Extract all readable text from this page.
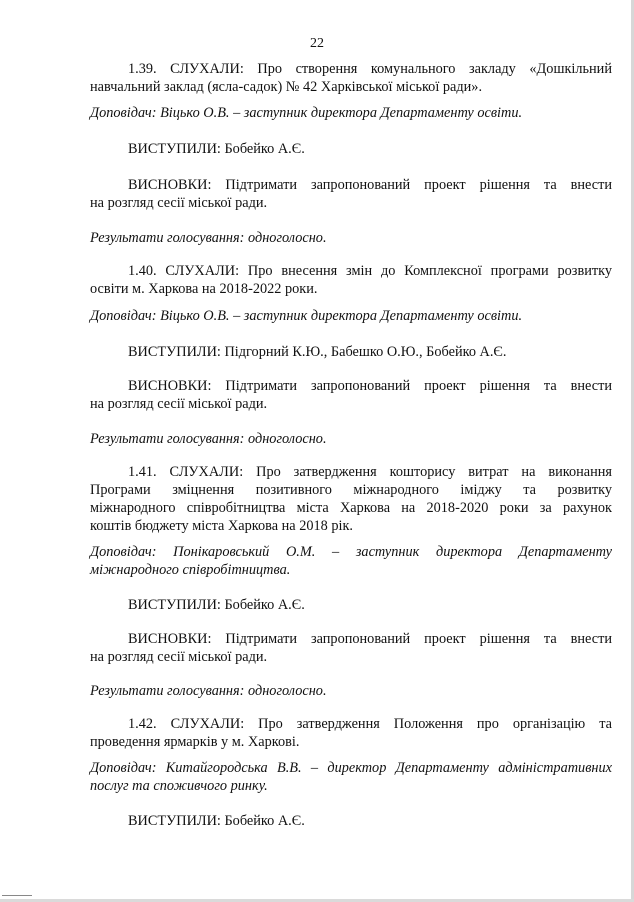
22
1.39. СЛУХАЛИ: Про створення комунального закладу «Дошкільний
навчальний заклад (ясла-садок) № 42 Харківської міської ради».
Доповідач: Віцько О.В. – заступник директора Департаменту освіти.
ВИСТУПИЛИ: Бобейко А.Є.
ВИСНОВКИ: Підтримати запропонований проект рішення та внести
на розгляд сесії міської ради.
Результати голосування: одноголосно.
1.40. СЛУХАЛИ: Про внесення змін до Комплексної програми розвитку
освіти м. Харкова на 2018-2022 роки.
Доповідач: Віцько О.В. – заступник директора Департаменту освіти.
ВИСТУПИЛИ: Підгорний К.Ю., Бабешко О.Ю., Бобейко А.Є.
ВИСНОВКИ: Підтримати запропонований проект рішення та внести
на розгляд сесії міської ради.
Результати голосування: одноголосно.
1.41. СЛУХАЛИ: Про затвердження кошторису витрат на виконання
Програми зміцнення позитивного міжнародного іміджу та розвитку
міжнародного співробітництва міста Харкова на 2018-2020 роки за рахунок
коштів бюджету міста Харкова на 2018 рік.
Доповідач: Понікаровський О.М. – заступник директора Департаменту
міжнародного співробітництва.
ВИСТУПИЛИ: Бобейко А.Є.
ВИСНОВКИ: Підтримати запропонований проект рішення та внести
на розгляд сесії міської ради.
Результати голосування: одноголосно.
1.42. СЛУХАЛИ: Про затвердження Положення про організацію та
проведення ярмарків у м. Харкові.
Доповідач: Китайгородська В.В. – директор Департаменту адміністративних
послуг та споживчого ринку.
ВИСТУПИЛИ: Бобейко А.Є.
